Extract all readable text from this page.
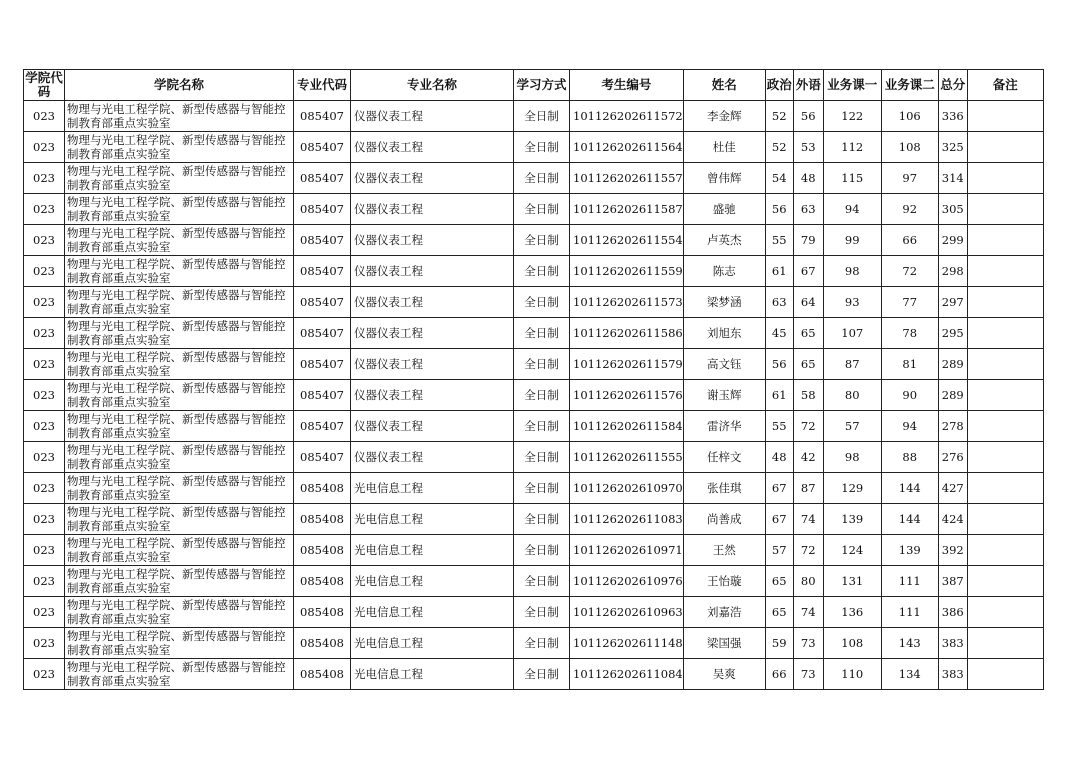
学院代码	学院名称	专业代码	专业名称	学习方式	考生编号	姓名	政治	外语	业务课一	业务课二	总分	备注
023	物理与光电工程学院、新型传感器与智能控制教育部重点实验室	085407	仪器仪表工程	全日制	101126202611572	李金辉	52	56	122	106	336	
023	物理与光电工程学院、新型传感器与智能控制教育部重点实验室	085407	仪器仪表工程	全日制	101126202611564	杜佳	52	53	112	108	325	
023	物理与光电工程学院、新型传感器与智能控制教育部重点实验室	085407	仪器仪表工程	全日制	101126202611557	曾伟辉	54	48	115	97	314	
023	物理与光电工程学院、新型传感器与智能控制教育部重点实验室	085407	仪器仪表工程	全日制	101126202611587	盛驰	56	63	94	92	305	
023	物理与光电工程学院、新型传感器与智能控制教育部重点实验室	085407	仪器仪表工程	全日制	101126202611554	卢英杰	55	79	99	66	299	
023	物理与光电工程学院、新型传感器与智能控制教育部重点实验室	085407	仪器仪表工程	全日制	101126202611559	陈志	61	67	98	72	298	
023	物理与光电工程学院、新型传感器与智能控制教育部重点实验室	085407	仪器仪表工程	全日制	101126202611573	梁梦涵	63	64	93	77	297	
023	物理与光电工程学院、新型传感器与智能控制教育部重点实验室	085407	仪器仪表工程	全日制	101126202611586	刘旭东	45	65	107	78	295	
023	物理与光电工程学院、新型传感器与智能控制教育部重点实验室	085407	仪器仪表工程	全日制	101126202611579	高文钰	56	65	87	81	289	
023	物理与光电工程学院、新型传感器与智能控制教育部重点实验室	085407	仪器仪表工程	全日制	101126202611576	谢玉辉	61	58	80	90	289	
023	物理与光电工程学院、新型传感器与智能控制教育部重点实验室	085407	仪器仪表工程	全日制	101126202611584	雷济华	55	72	57	94	278	
023	物理与光电工程学院、新型传感器与智能控制教育部重点实验室	085407	仪器仪表工程	全日制	101126202611555	任梓文	48	42	98	88	276	
023	物理与光电工程学院、新型传感器与智能控制教育部重点实验室	085408	光电信息工程	全日制	101126202610970	张佳琪	67	87	129	144	427	
023	物理与光电工程学院、新型传感器与智能控制教育部重点实验室	085408	光电信息工程	全日制	101126202611083	尚善成	67	74	139	144	424	
023	物理与光电工程学院、新型传感器与智能控制教育部重点实验室	085408	光电信息工程	全日制	101126202610971	王然	57	72	124	139	392	
023	物理与光电工程学院、新型传感器与智能控制教育部重点实验室	085408	光电信息工程	全日制	101126202610976	王怡璇	65	80	131	111	387	
023	物理与光电工程学院、新型传感器与智能控制教育部重点实验室	085408	光电信息工程	全日制	101126202610963	刘嘉浩	65	74	136	111	386	
023	物理与光电工程学院、新型传感器与智能控制教育部重点实验室	085408	光电信息工程	全日制	101126202611148	梁国强	59	73	108	143	383	
023	物理与光电工程学院、新型传感器与智能控制教育部重点实验室	085408	光电信息工程	全日制	101126202611084	吴爽	66	73	110	134	383	
